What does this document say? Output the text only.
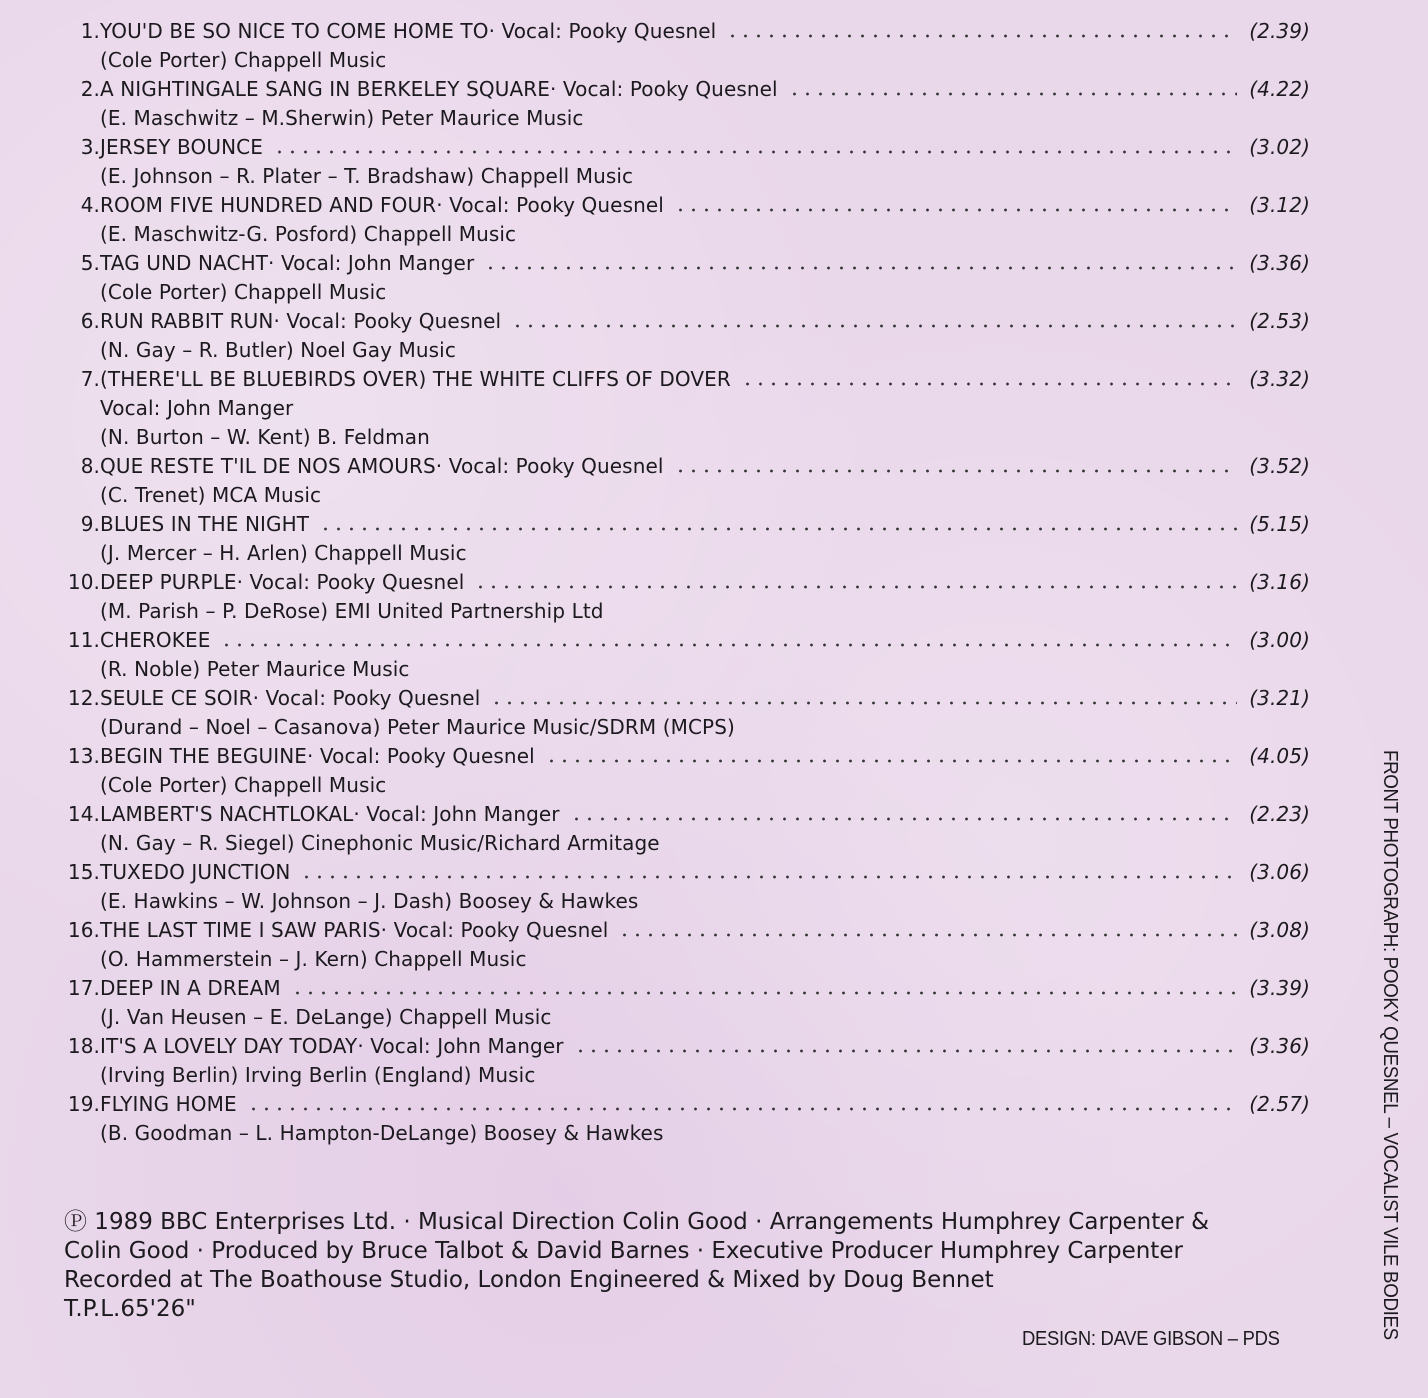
1. YOU'D BE SO NICE TO COME HOME TO · Vocal: Pooky Quesnel	(2.39)
(Cole Porter) Chappell Music
2. A NIGHTINGALE SANG IN BERKELEY SQUARE · Vocal: Pooky Quesnel	(4.22)
(E. Maschwitz – M.Sherwin) Peter Maurice Music
3. JERSEY BOUNCE	(3.02)
(E. Johnson – R. Plater – T. Bradshaw) Chappell Music
4. ROOM FIVE HUNDRED AND FOUR · Vocal: Pooky Quesnel	(3.12)
(E. Maschwitz-G. Posford) Chappell Music
5. TAG UND NACHT · Vocal: John Manger	(3.36)
(Cole Porter) Chappell Music
6. RUN RABBIT RUN · Vocal: Pooky Quesnel	(2.53)
(N. Gay – R. Butler) Noel Gay Music
7. (THERE'LL BE BLUEBIRDS OVER) THE WHITE CLIFFS OF DOVER	(3.32)
Vocal: John Manger
(N. Burton – W. Kent) B. Feldman
8. QUE RESTE T'IL DE NOS AMOURS · Vocal: Pooky Quesnel	(3.52)
(C. Trenet) MCA Music
9. BLUES IN THE NIGHT	(5.15)
(J. Mercer – H. Arlen) Chappell Music
10. DEEP PURPLE · Vocal: Pooky Quesnel	(3.16)
(M. Parish – P. DeRose) EMI United Partnership Ltd
11. CHEROKEE	(3.00)
(R. Noble) Peter Maurice Music
12. SEULE CE SOIR · Vocal: Pooky Quesnel	(3.21)
(Durand – Noel – Casanova) Peter Maurice Music/SDRM (MCPS)
13. BEGIN THE BEGUINE · Vocal: Pooky Quesnel	(4.05)
(Cole Porter) Chappell Music
14. LAMBERT'S NACHTLOKAL · Vocal: John Manger	(2.23)
(N. Gay – R. Siegel) Cinephonic Music/Richard Armitage
15. TUXEDO JUNCTION	(3.06)
(E. Hawkins – W. Johnson – J. Dash) Boosey & Hawkes
16. THE LAST TIME I SAW PARIS · Vocal: Pooky Quesnel	(3.08)
(O. Hammerstein – J. Kern) Chappell Music
17. DEEP IN A DREAM	(3.39)
(J. Van Heusen – E. DeLange) Chappell Music
18. IT'S A LOVELY DAY TODAY · Vocal: John Manger	(3.36)
(Irving Berlin) Irving Berlin (England) Music
19. FLYING HOME	(2.57)
(B. Goodman – L. Hampton-DeLange) Boosey & Hawkes
Ⓟ 1989 BBC Enterprises Ltd. · Musical Direction Colin Good · Arrangements Humphrey Carpenter &
Colin Good · Produced by Bruce Talbot & David Barnes · Executive Producer Humphrey Carpenter
Recorded at The Boathouse Studio, London Engineered & Mixed by Doug Bennet
T.P.L.65'26"
DESIGN: DAVE GIBSON – PDS	FRONT PHOTOGRAPH: POOKY QUESNEL – VOCALIST VILE BODIES
